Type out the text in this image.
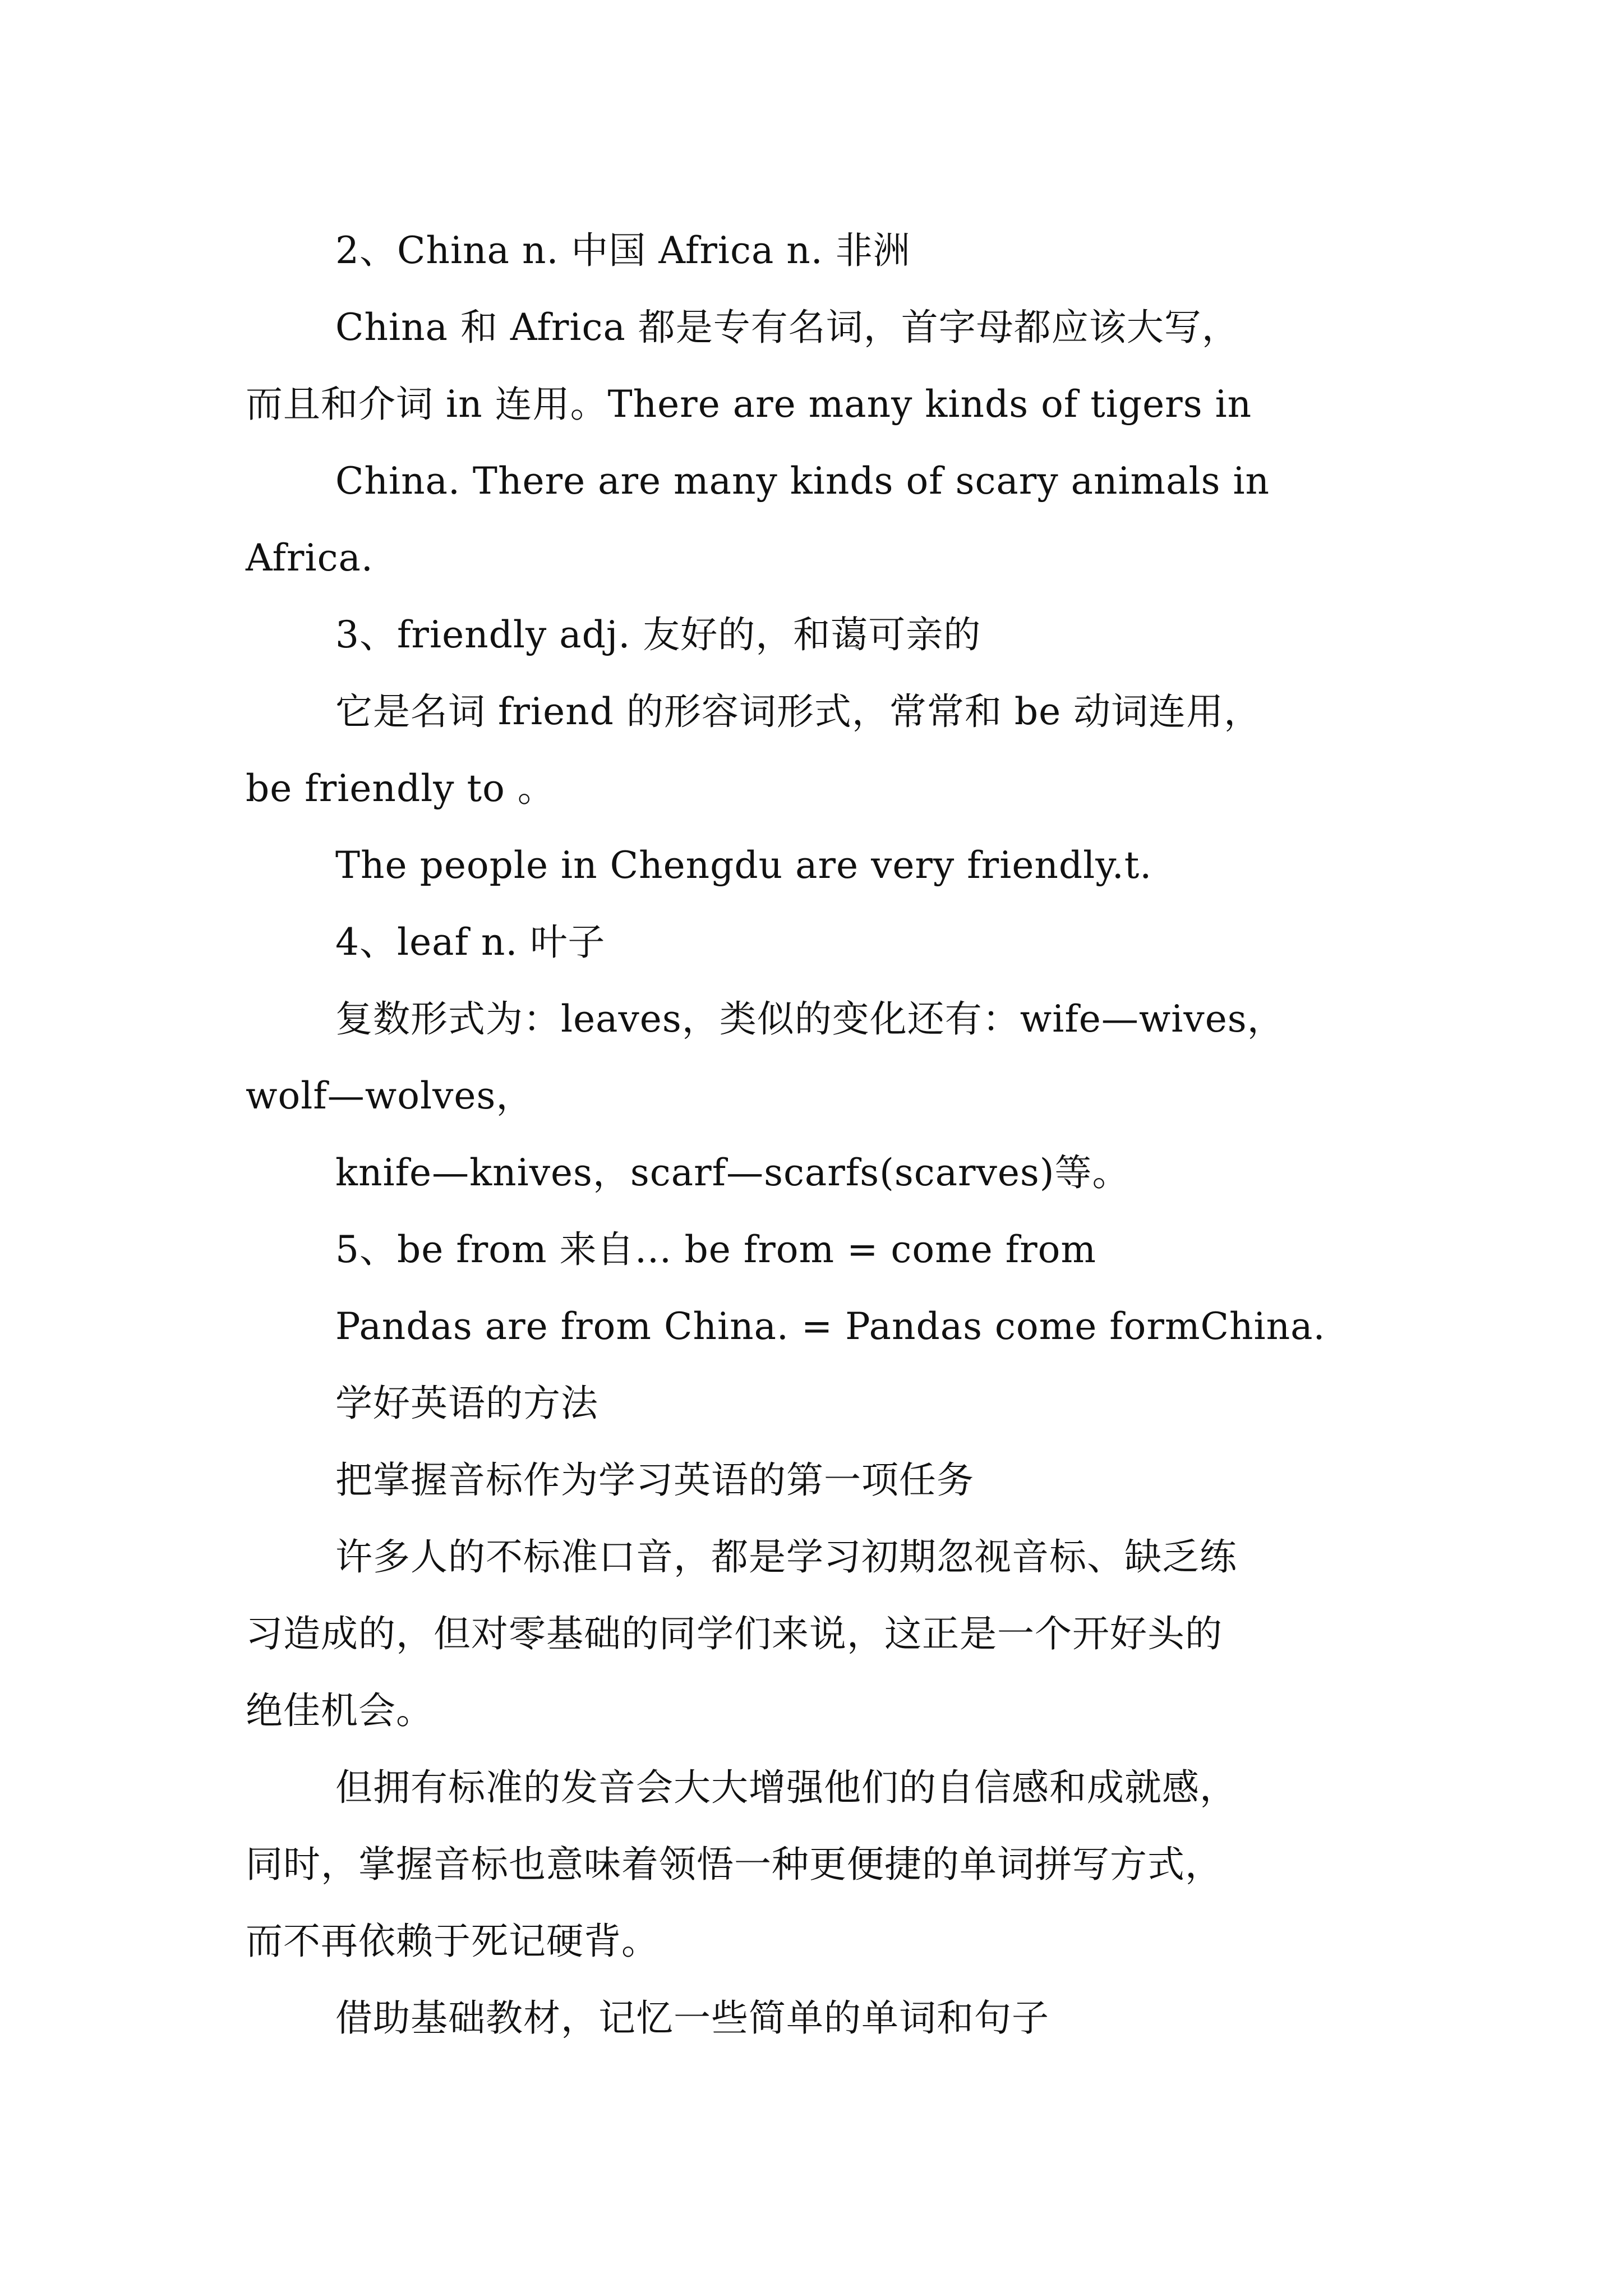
2、China n. 中国 Africa n. 非洲
China 和 Africa 都是专有名词，首字母都应该大写，
而且和介词 in 连用。There are many kinds of tigers in
China. There are many kinds of scary animals in
Africa.
3、friendly adj. 友好的，和蔼可亲的
它是名词 friend 的形容词形式，常常和 be 动词连用，
be friendly to 。
The people in Chengdu are very friendly.t.
4、leaf n. 叶子
复数形式为：leaves，类似的变化还有：wife—wives，
wolf—wolves，
knife—knives，scarf—scarfs(scarves)等。
5、be from 来自… be from = come from
Pandas are from China. = Pandas come formChina.
学好英语的方法
把掌握音标作为学习英语的第一项任务
许多人的不标准口音，都是学习初期忽视音标、缺乏练
习造成的，但对零基础的同学们来说，这正是一个开好头的
绝佳机会。
但拥有标准的发音会大大增强他们的自信感和成就感，
同时，掌握音标也意味着领悟一种更便捷的单词拼写方式，
而不再依赖于死记硬背。
借助基础教材，记忆一些简单的单词和句子
